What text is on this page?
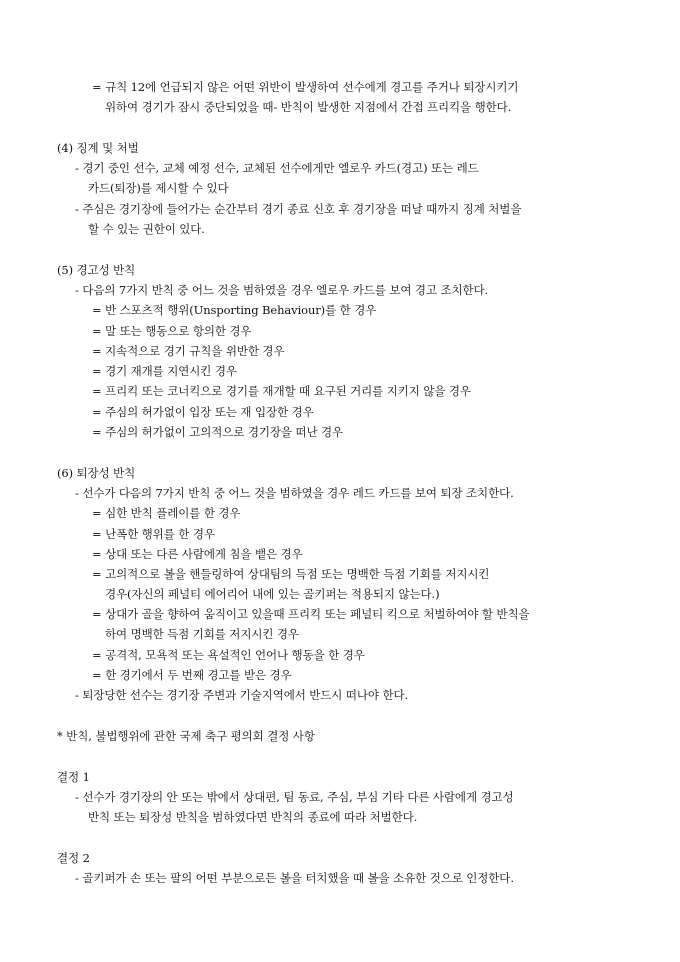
= 규칙 12에 언급되지 않은 어떤 위반이 발생하여 선수에게 경고를 주거나 퇴장시키기
위하여 경기가 잠시 중단되었을 때- 반칙이 발생한 지점에서 간접 프리킥을 행한다.
(4) 징계 및 처벌
- 경기 중인 선수, 교체 예정 선수, 교체된 선수에게만 엘로우 카드(경고) 또는 레드
카드(퇴장)를 제시할 수 있다
- 주심은 경기장에 들어가는 순간부터 경기 종료 신호 후 경기장을 떠날 때까지 징계 처벌을
할 수 있는 권한이 있다.
(5) 경고성 반칙
- 다음의 7가지 반칙 중 어느 것을 범하였을 경우 엘로우 카드를 보여 경고 조치한다.
= 반 스포츠적 행위(Unsporting Behaviour)를 한 경우
= 말 또는 행동으로 항의한 경우
= 지속적으로 경기 규칙을 위반한 경우
= 경기 재개를 지연시킨 경우
= 프리킥 또는 코너킥으로 경기를 재개할 때 요구된 거리를 지키지 않을 경우
= 주심의 허가없이 입장 또는 재 입장한 경우
= 주심의 허가없이 고의적으로 경기장을 떠난 경우
(6) 퇴장성 반칙
- 선수가 다음의 7가지 반칙 중 어느 것을 범하였을 경우 레드 카드를 보여 퇴장 조치한다.
= 심한 반칙 플레이를 한 경우
= 난폭한 행위를 한 경우
= 상대 또는 다른 사람에게 침을 뱉은 경우
= 고의적으로 볼을 핸들링하여 상대팀의 득점 또는 명백한 득점 기회를 저지시킨
경우(자신의 페널티 에어리어 내에 있는 골키퍼는 적용되지 않는다.)
= 상대가 골을 향하여 움직이고 있을때 프리킥 또는 페널티 킥으로 처벌하여야 할 반칙을
하여 명백한 득점 기회를 저지시킨 경우
= 공격적, 모욕적 또는 욕설적인 언어나 행동을 한 경우
= 한 경기에서 두 번째 경고를 받은 경우
- 퇴장당한 선수는 경기장 주변과 기술지역에서 반드시 떠나야 한다.
* 반칙, 불법행위에 관한 국제 축구 평의회 결정 사항
결정 1
- 선수가 경기장의 안 또는 밖에서 상대편, 팀 동료, 주심, 부심 기타 다른 사람에게 경고성
반칙 또는 퇴장성 반칙을 범하였다면 반칙의 종료에 따라 처벌한다.
결정 2
- 골키퍼가 손 또는 팔의 어떤 부분으로든 볼을 터치했을 때 볼을 소유한 것으로 인정한다.
